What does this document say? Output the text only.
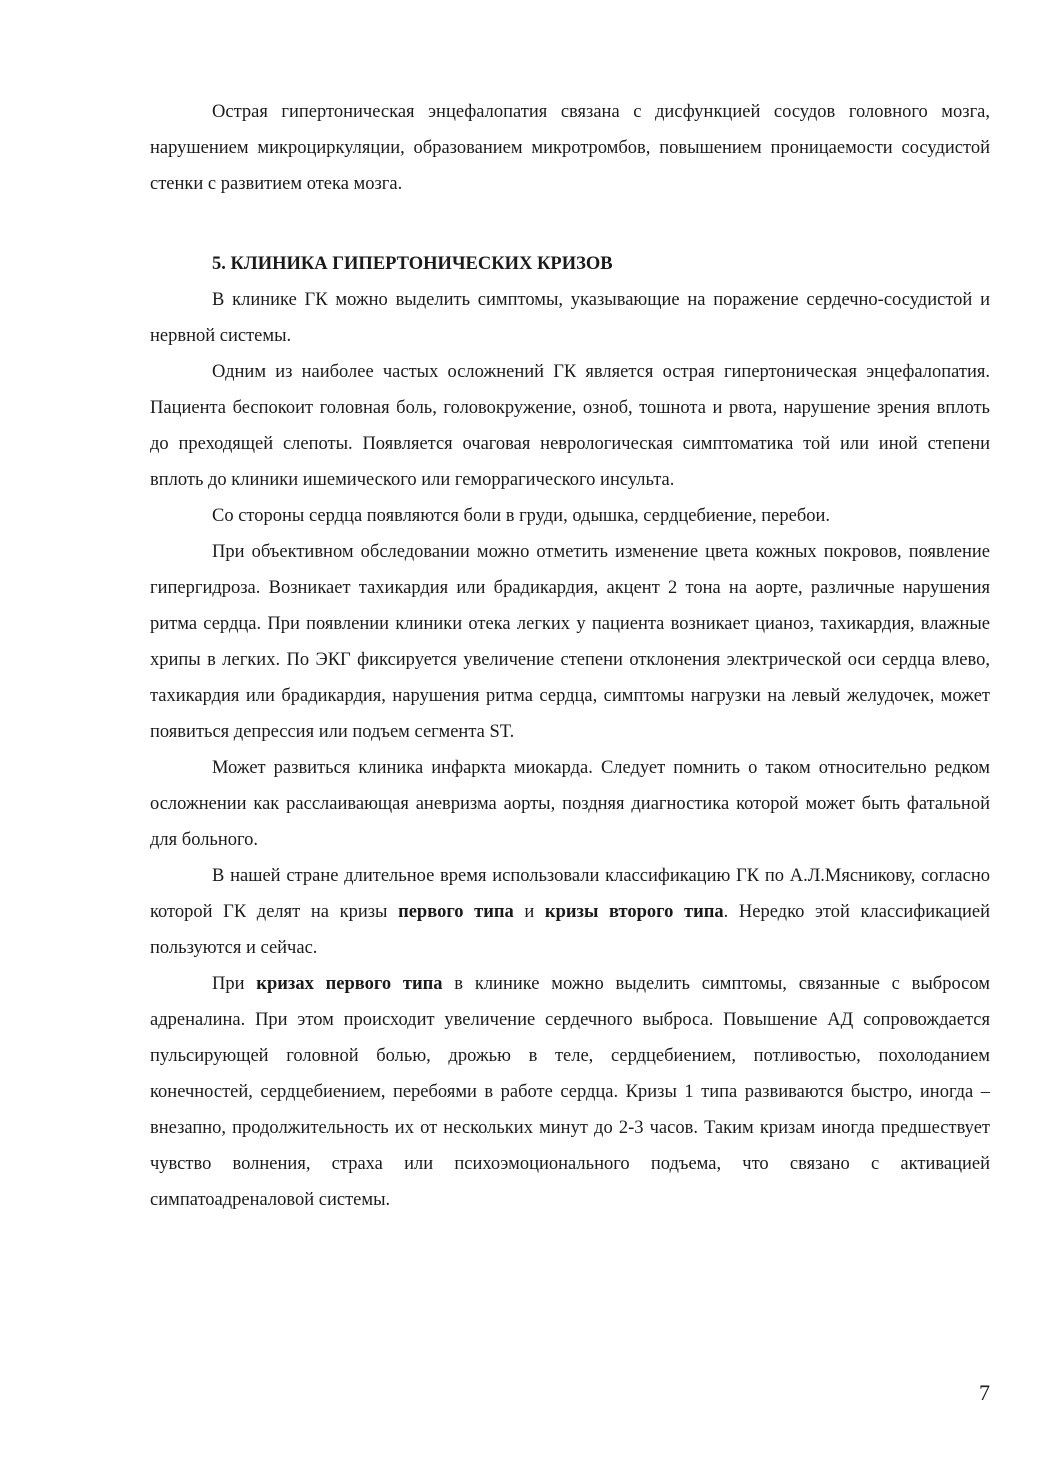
Острая гипертоническая энцефалопатия связана с дисфункцией сосудов головного мозга, нарушением микроциркуляции, образованием микротромбов, повышением проницаемости сосудистой стенки с развитием отека мозга.

5. КЛИНИКА ГИПЕРТОНИЧЕСКИХ КРИЗОВ

В клинике ГК можно выделить симптомы, указывающие на поражение сердечно-сосудистой и нервной системы.

Одним из наиболее частых осложнений ГК является острая гипертоническая энцефалопатия. Пациента беспокоит головная боль, головокружение, озноб, тошнота и рвота, нарушение зрения вплоть до преходящей слепоты. Появляется очаговая неврологическая симптоматика той или иной степени вплоть до клиники ишемического или геморрагического инсульта.

Со стороны сердца появляются боли в груди, одышка, сердцебиение, перебои.

При объективном обследовании можно отметить изменение цвета кожных покровов, появление гипергидроза. Возникает тахикардия или брадикардия, акцент 2 тона на аорте, различные нарушения ритма сердца. При появлении клиники отека легких у пациента возникает цианоз, тахикардия, влажные хрипы в легких. По ЭКГ фиксируется увеличение степени отклонения электрической оси сердца влево, тахикардия или брадикардия, нарушения ритма сердца, симптомы нагрузки на левый желудочек, может появиться депрессия или подъем сегмента ST.

Может развиться клиника инфаркта миокарда. Следует помнить о таком относительно редком осложнении как расслаивающая аневризма аорты, поздняя диагностика которой может быть фатальной для больного.

В нашей стране длительное время использовали классификацию ГК по А.Л.Мясникову, согласно которой ГК делят на кризы первого типа и кризы второго типа. Нередко этой классификацией пользуются и сейчас.

При кризах первого типа в клинике можно выделить симптомы, связанные с выбросом адреналина. При этом происходит увеличение сердечного выброса. Повышение АД сопровождается пульсирующей головной болью, дрожью в теле, сердцебиением, потливостью, похолоданием конечностей, сердцебиением, перебоями в работе сердца. Кризы 1 типа развиваются быстро, иногда – внезапно, продолжительность их от нескольких минут до 2-3 часов. Таким кризам иногда предшествует чувство волнения, страха или психоэмоционального подъема, что связано с активацией симпатоадреналовой системы.

7
